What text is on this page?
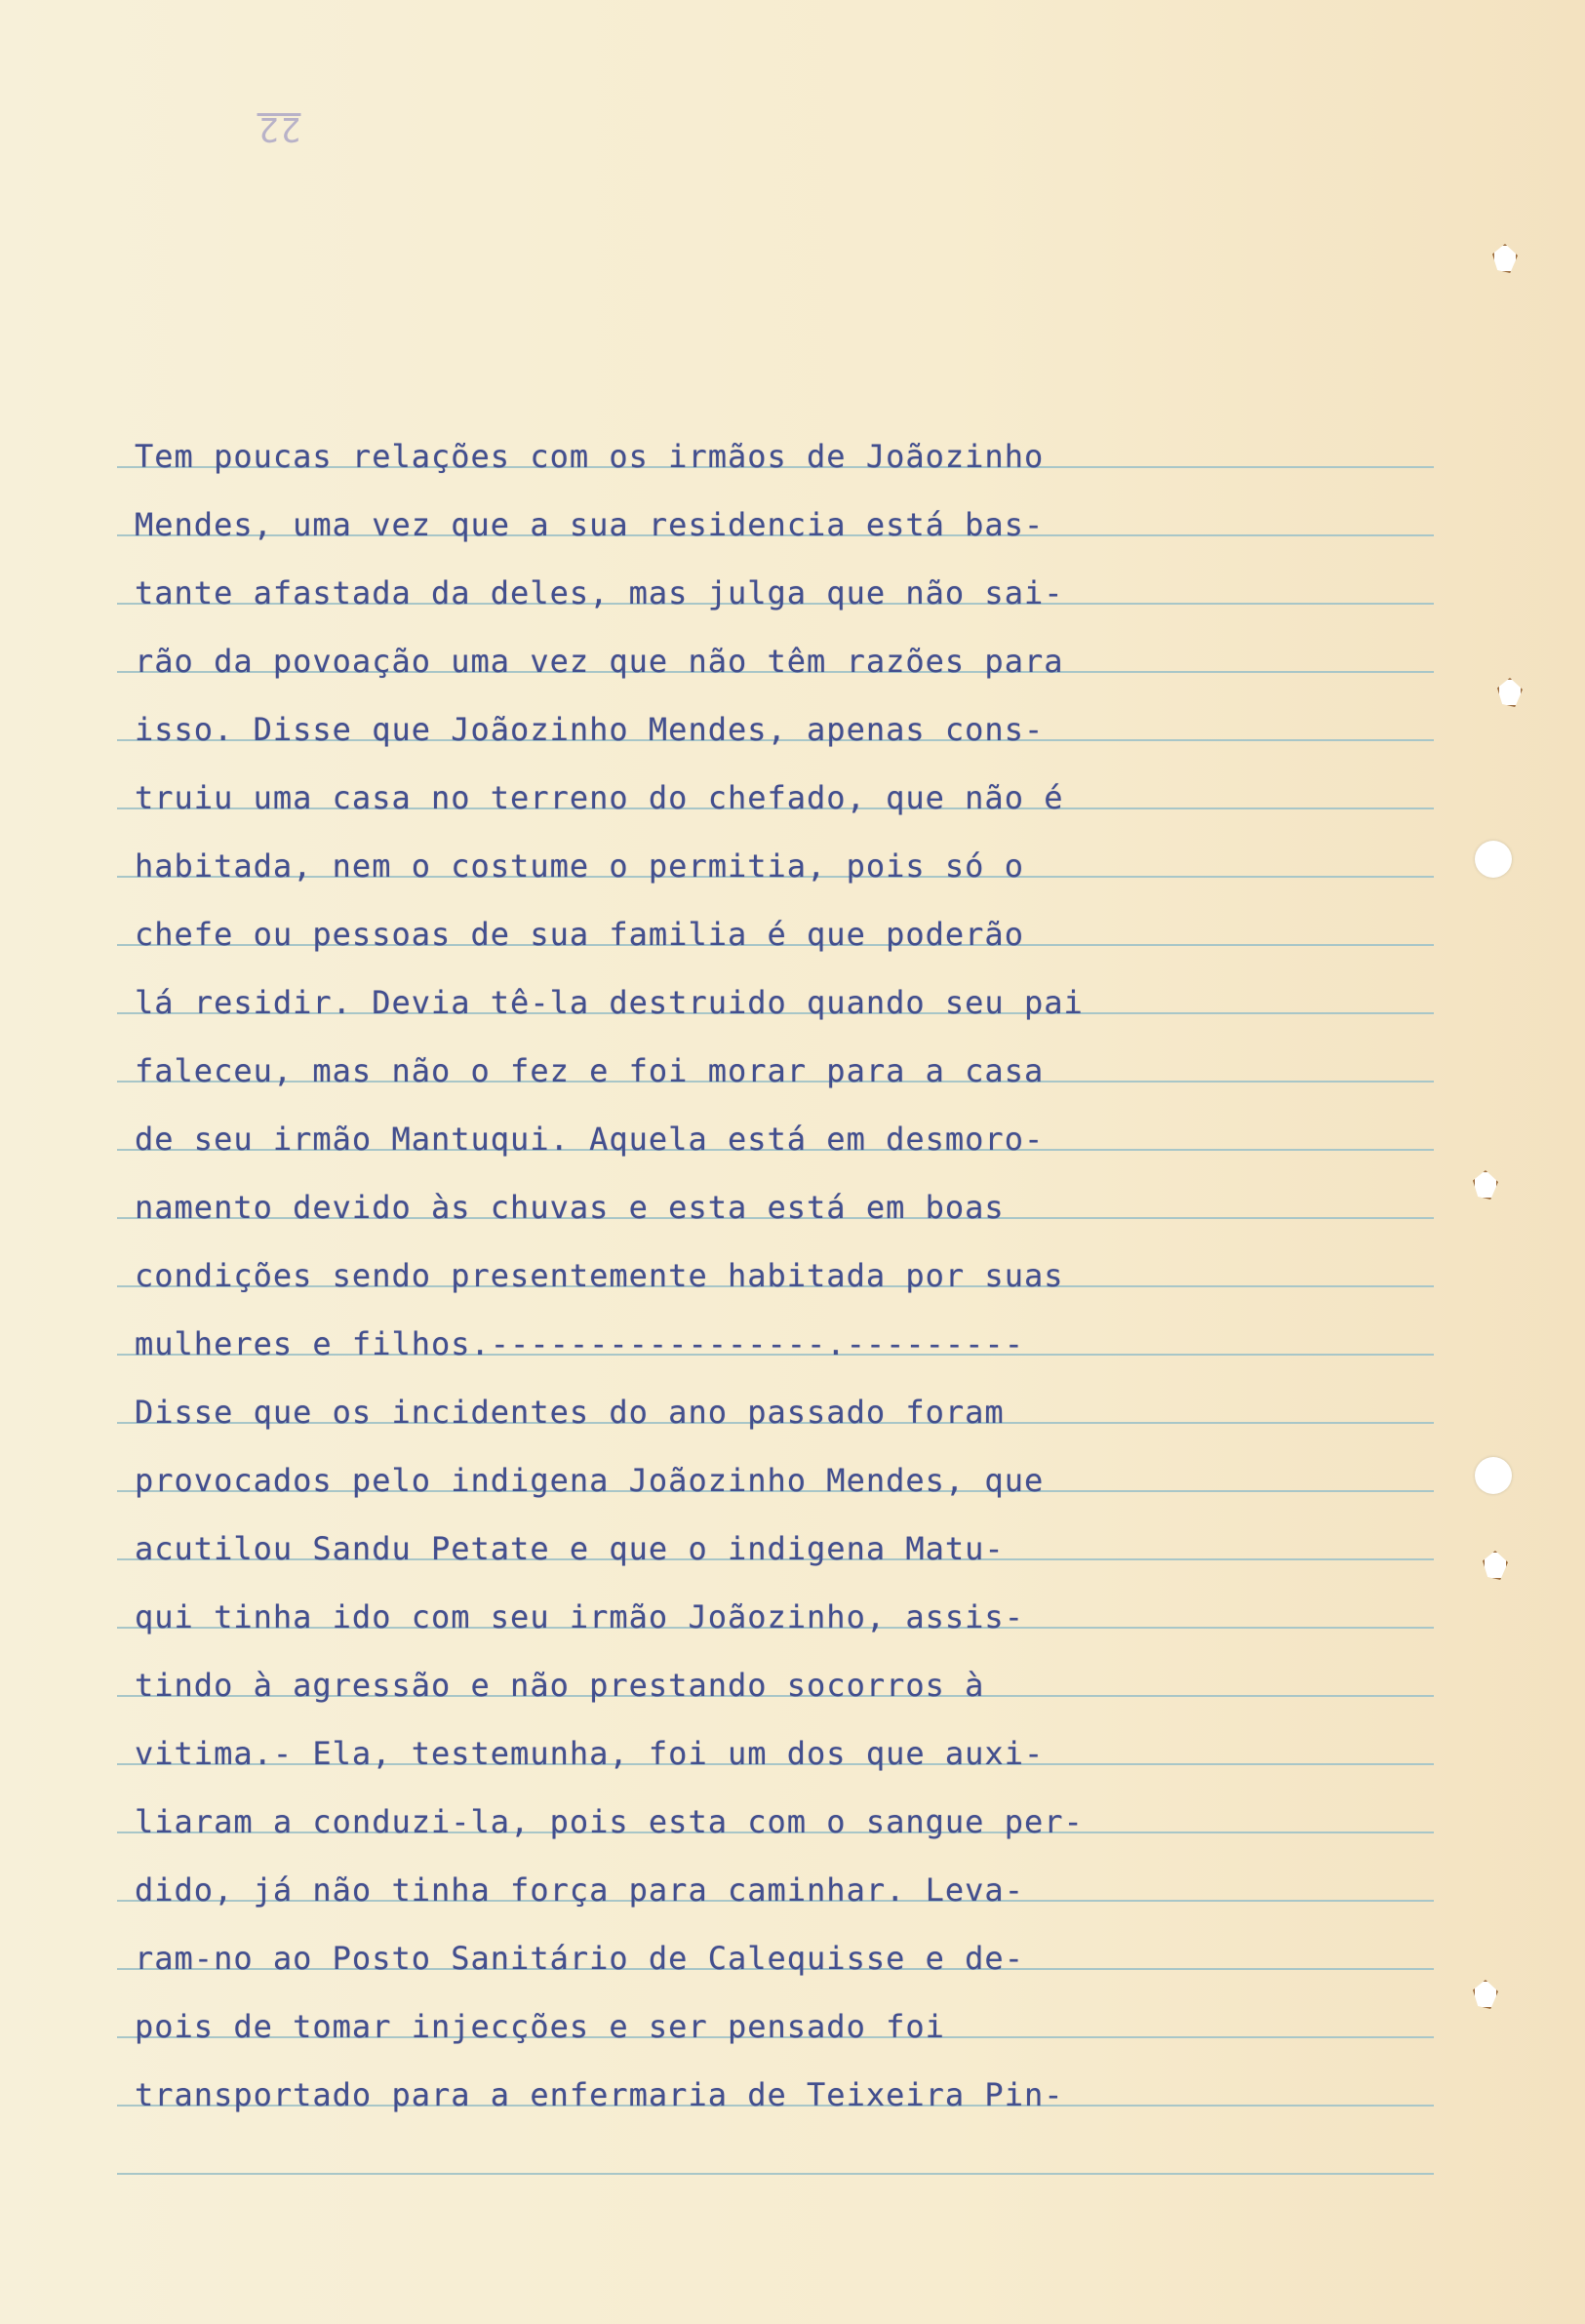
22
Tem poucas relações com os irmãos de Joãozinho
Mendes, uma vez que a sua residencia está bas-
tante afastada da deles, mas julga que não sai-
rão da povoação uma vez que não têm razões para
isso. Disse que Joãozinho Mendes, apenas cons-
truiu uma casa no terreno do chefado, que não é
habitada, nem o costume o permitia, pois só o
chefe ou pessoas de sua familia é que poderão
lá residir. Devia tê-la destruido quando seu pai
faleceu, mas não o fez e foi morar para a casa
de seu irmão Mantuqui. Aquela está em desmoro-
namento devido às chuvas e esta está em boas
condições sendo presentemente habitada por suas
mulheres e filhos.-----------------.---------
Disse que os incidentes do ano passado foram
provocados pelo indigena Joãozinho Mendes, que
acutilou Sandu Petate e que o indigena Matu-
qui tinha ido com seu irmão Joãozinho, assis-
tindo à agressão e não prestando socorros à
vitima.- Ela, testemunha, foi um dos que auxi-
liaram a conduzi-la, pois esta com o sangue per-
dido, já não tinha força para caminhar. Leva-
ram-no ao Posto Sanitário de Calequisse e de-
pois de tomar injecções e ser pensado foi
transportado para a enfermaria de Teixeira Pin-
